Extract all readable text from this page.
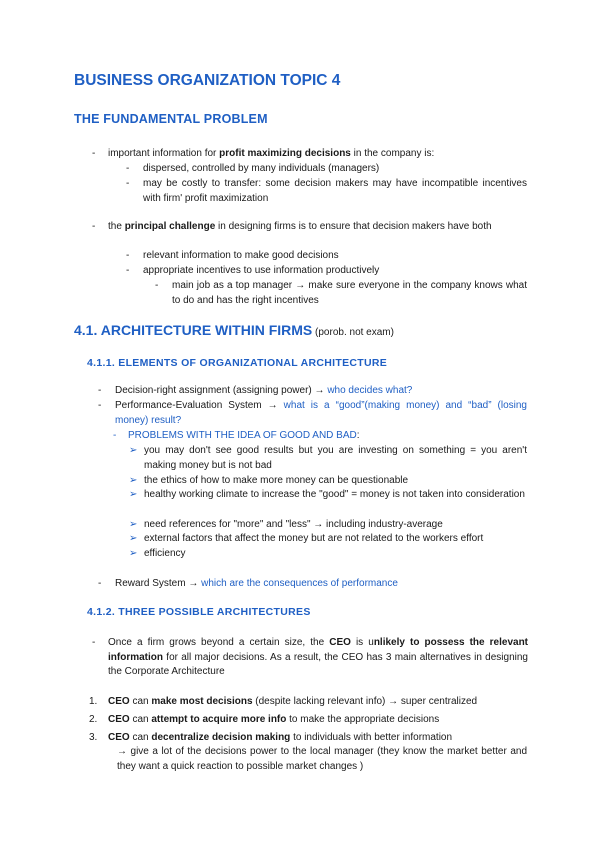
BUSINESS ORGANIZATION TOPIC 4
THE FUNDAMENTAL PROBLEM
- important information for profit maximizing decisions in the company is:
- dispersed, controlled by many individuals (managers)
- may be costly to transfer: some decision makers may have incompatible incentives with firm' profit maximization
- the principal challenge in designing firms is to ensure that decision makers have both
- relevant information to make good decisions
- appropriate incentives to use information productively
- main job as a top manager → make sure everyone in the company knows what to do and has the right incentives
4.1. ARCHITECTURE WITHIN FIRMS (porob. not exam)
4.1.1. ELEMENTS OF ORGANIZATIONAL ARCHITECTURE
- Decision-right assignment (assigning power) → who decides what?
- Performance-Evaluation System → what is a “good”(making money) and “bad” (losing money) result?
- PROBLEMS WITH THE IDEA OF GOOD AND BAD:
➢ you may don't see good results but you are investing on something = you aren't making money but is not bad
➢ the ethics of how to make more money can be questionable
➢ healthy working climate to increase the "good" = money is not taken into consideration
➢ need references for "more" and "less" → including industry-average
➢ external factors that affect the money but are not related to the workers effort
➢ efficiency
- Reward System → which are the consequences of performance
4.1.2. THREE POSSIBLE ARCHITECTURES
- Once a firm grows beyond a certain size, the CEO is unlikely to possess the relevant information for all major decisions. As a result, the CEO has 3 main alternatives in designing the Corporate Architecture
1. CEO can make most decisions (despite lacking relevant info) → super centralized
2. CEO can attempt to acquire more info to make the appropriate decisions
3. CEO can decentralize decision making to individuals with better information
→ give a lot of the decisions power to the local manager (they know the market better and they want a quick reaction to possible market changes )
